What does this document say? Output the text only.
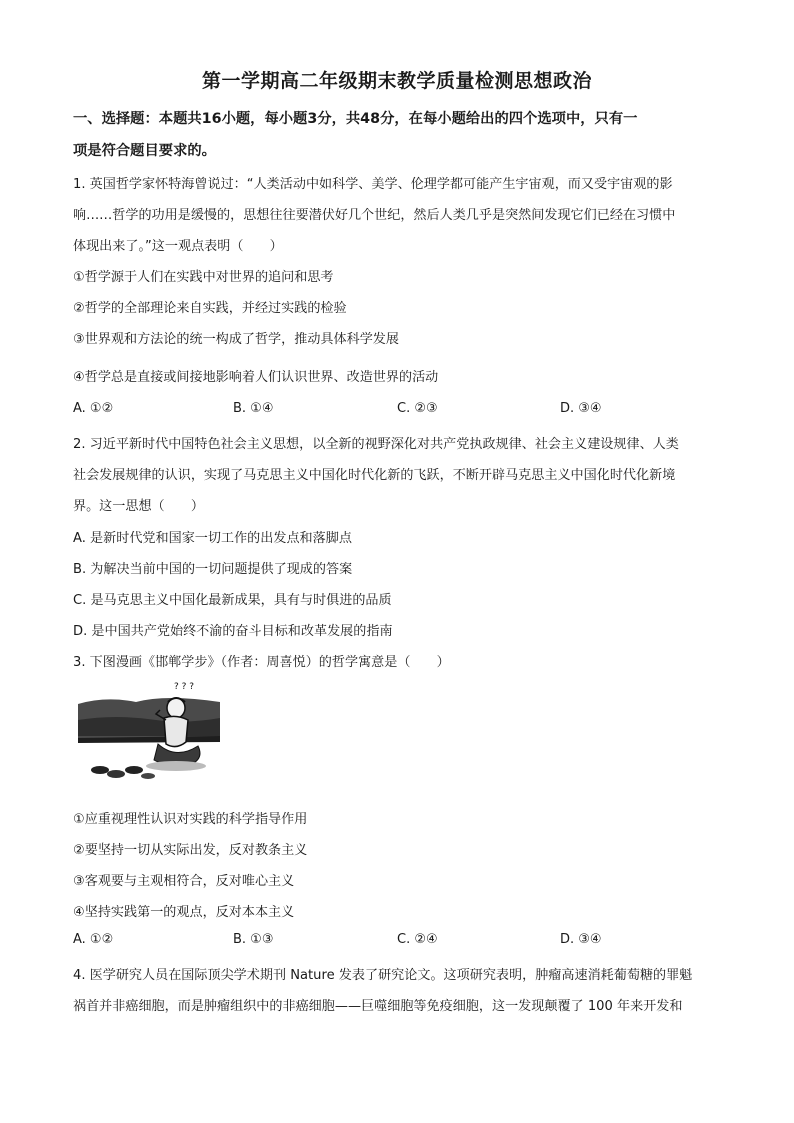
第一学期高二年级期末教学质量检测思想政治
一、选择题：本题共16小题，每小题3分，共48分，在每小题给出的四个选项中，只有一
项是符合题目要求的。
1. 英国哲学家怀特海曾说过：“人类活动中如科学、美学、伦理学都可能产生宇宙观，而又受宇宙观的影
响……哲学的功用是缓慢的，思想往往要潜伏好几个世纪，然后人类几乎是突然间发现它们已经在习惯中
体现出来了。”这一观点表明（　　）
①哲学源于人们在实践中对世界的追问和思考
②哲学的全部理论来自实践，并经过实践的检验
③世界观和方法论的统一构成了哲学，推动具体科学发展
④哲学总是直接或间接地影响着人们认识世界、改造世界的活动
A. ①②	B. ①④	C. ②③	D. ③④
2. 习近平新时代中国特色社会主义思想，以全新的视野深化对共产党执政规律、社会主义建设规律、人类
社会发展规律的认识，实现了马克思主义中国化时代化新的飞跃，不断开辟马克思主义中国化时代化新境
界。这一思想（　　）
A. 是新时代党和国家一切工作的出发点和落脚点
B. 为解决当前中国的一切问题提供了现成的答案
C. 是马克思主义中国化最新成果，具有与时俱进的品质
D. 是中国共产党始终不渝的奋斗目标和改革发展的指南
3. 下图漫画《邯郸学步》（作者：周喜悦）的哲学寓意是（　　）
? ? ?
①应重视理性认识对实践的科学指导作用
②要坚持一切从实际出发，反对教条主义
③客观要与主观相符合，反对唯心主义
④坚持实践第一的观点，反对本本主义
A. ①②	B. ①③	C. ②④	D. ③④
4. 医学研究人员在国际顶尖学术期刊 Nature 发表了研究论文。这项研究表明，肿瘤高速消耗葡萄糖的罪魁
祸首并非癌细胞，而是肿瘤组织中的非癌细胞——巨噬细胞等免疫细胞，这一发现颠覆了 100 年来开发和
